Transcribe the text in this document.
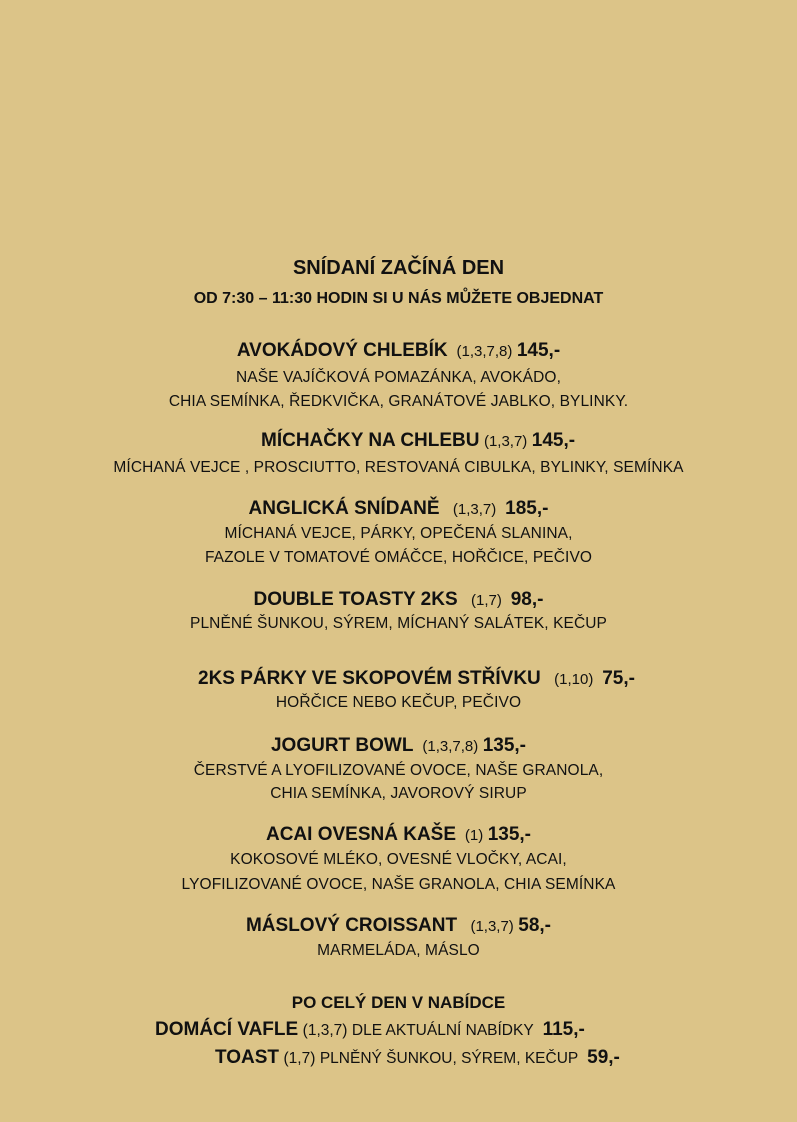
SNÍDANÍ ZAČÍNÁ DEN
OD 7:30 – 11:30 HODIN SI U NÁS MŮŽETE OBJEDNAT
AVOKÁDOVÝ CHLEBÍK (1,3,7,8) 145,-
NAŠE VAJÍČKOVÁ POMAZÁNKA, AVOKÁDO,
CHIA SEMÍNKA, ŘEDKVIČKA, GRANÁTOVÉ JABLKO, BYLINKY.
MÍCHAČKY NA CHLEBU (1,3,7) 145,-
MÍCHANÁ VEJCE , PROSCIUTTO, RESTOVANÁ CIBULKA, BYLINKY, SEMÍNKA
ANGLICKÁ SNÍDANĚ (1,3,7) 185,-
MÍCHANÁ VEJCE, PÁRKY, OPEČENÁ SLANINA,
FAZOLE V TOMATOVÉ OMÁČCE, HOŘČICE, PEČIVO
DOUBLE TOASTY 2KS (1,7) 98,-
PLNĚNÉ ŠUNKOU, SÝREM, MÍCHANÝ SALÁTEK, KEČUP
2KS PÁRKY VE SKOPOVÉM STŘÍVKU (1,10) 75,-
HOŘČICE NEBO KEČUP, PEČIVO
JOGURT BOWL (1,3,7,8) 135,-
ČERSTVÉ A LYOFILIZOVANÉ OVOCE, NAŠE GRANOLA,
CHIA SEMÍNKA, JAVOROVÝ SIRUP
ACAI OVESNÁ KAŠE (1) 135,-
KOKOSOVÉ MLÉKO, OVESNÉ VLOČKY, ACAI,
LYOFILIZOVANÉ OVOCE, NAŠE GRANOLA, CHIA SEMÍNKA
MÁSLOVÝ CROISSANT (1,3,7) 58,-
MARMELÁDA, MÁSLO
PO CELÝ DEN V NABÍDCE
DOMÁCÍ VAFLE (1,3,7) DLE AKTUÁLNÍ NABÍDKY 115,-
TOAST (1,7) PLNĚNÝ ŠUNKOU, SÝREM, KEČUP 59,-
